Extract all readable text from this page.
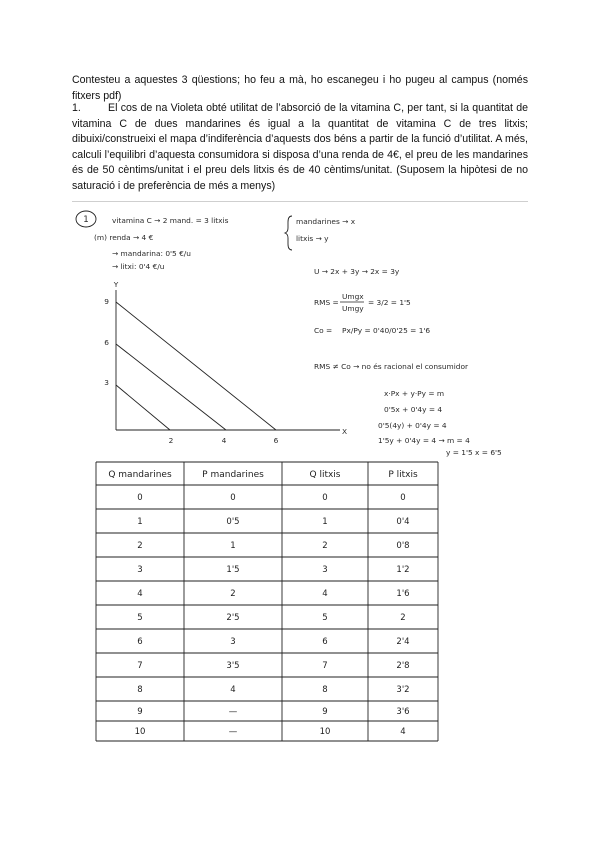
Contesteu a aquestes 3 qüestions; ho feu a mà, ho escanegeu i ho pugeu al campus (només fitxers pdf)

1.	El cos de na Violeta obté utilitat de l’absorció de la vitamina C, per tant, si la quantitat de vitamina C de dues mandarines és igual a la quantitat de vitamina C de tres litxis; dibuixi/construeixi el mapa d’indiferència d’aquests dos béns a partir de la funció d’utilitat. A més, calculi l’equilibri d’aquesta consumidora si disposa d’una renda de 4€, el preu de les mandarines és de 50 cèntims/unitat i el preu dels litxis és de 40 cèntims/unitat. (Suposem la hipòtesi de no saturació i de preferència de més a menys)

1	vitamina C → 2 mand. = 3 litxis
(m) renda → 4 €
→ mandarina: 0'5 €/u
→ litxi: 0'4 €/u
mandarines → x
litxis → y
U → 2x + 3y → 2x = 3y
RMS =
Umgx
Umgy
= 3/2 = 1'5
Co = Px/Py = 0'40/0'25 = 1'6
RMS ≠ Co → no és racional el consumidor
x·Px + y·Py = m
0'5x + 0'4y = 4
0'5(4y) + 0'4y = 4
1'5y + 0'4y = 4 → m = 4
y = 1'5 x = 6'5
Y
X
9
6
3
2	4	6
Q mandarines	P mandarines	Q litxis	P litxis
0	0	0	0
1	0'5	1	0'4
2	1	2	0'8
3	1'5	3	1'2
4	2	4	1'6
5	2'5	5	2
6	3	6	2'4
7	3'5	7	2'8
8	4	8	3'2
9	—	9	3'6
10	—	10	4
